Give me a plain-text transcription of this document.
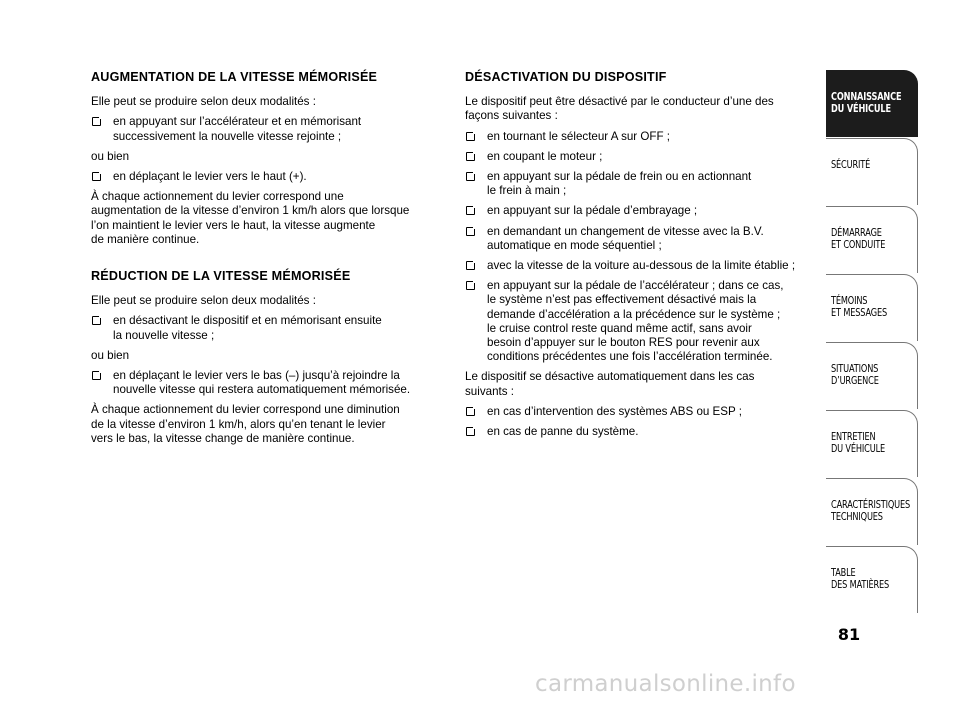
AUGMENTATION DE LA VITESSE MÉMORISÉE
Elle peut se produire selon deux modalités :
en appuyant sur l’accélérateur et en mémorisant
successivement la nouvelle vitesse rejointe ;
ou bien
en déplaçant le levier vers le haut (+).
À chaque actionnement du levier correspond une
augmentation de la vitesse d’environ 1 km/h alors que lorsque
l’on maintient le levier vers le haut, la vitesse augmente
de manière continue.
RÉDUCTION DE LA VITESSE MÉMORISÉE
Elle peut se produire selon deux modalités :
en désactivant le dispositif et en mémorisant ensuite
la nouvelle vitesse ;
ou bien
en déplaçant le levier vers le bas (–) jusqu’à rejoindre la
nouvelle vitesse qui restera automatiquement mémorisée.
À chaque actionnement du levier correspond une diminution
de la vitesse d’environ 1 km/h, alors qu’en tenant le levier
vers le bas, la vitesse change de manière continue.
DÉSACTIVATION DU DISPOSITIF
Le dispositif peut être désactivé par le conducteur d’une des
façons suivantes :
en tournant le sélecteur A sur OFF ;
en coupant le moteur ;
en appuyant sur la pédale de frein ou en actionnant
le frein à main ;
en appuyant sur la pédale d’embrayage ;
en demandant un changement de vitesse avec la B.V.
automatique en mode séquentiel ;
avec la vitesse de la voiture au-dessous de la limite établie ;
en appuyant sur la pédale de l’accélérateur ; dans ce cas,
le système n’est pas effectivement désactivé mais la
demande d’accélération a la précédence sur le système ;
le cruise control reste quand même actif, sans avoir
besoin d’appuyer sur le bouton RES pour revenir aux
conditions précédentes une fois l’accélération terminée.
Le dispositif se désactive automatiquement dans les cas
suivants :
en cas d’intervention des systèmes ABS ou ESP ;
en cas de panne du système.
CONNAISSANCE
DU VÉHICULE
SÉCURITÉ
DÉMARRAGE
ET CONDUITE
TÉMOINS
ET MESSAGES
SITUATIONS
D’URGENCE
ENTRETIEN
DU VÉHICULE
CARACTÉRISTIQUES
TECHNIQUES
TABLE
DES MATIÈRES
81
carmanualsonline.info
